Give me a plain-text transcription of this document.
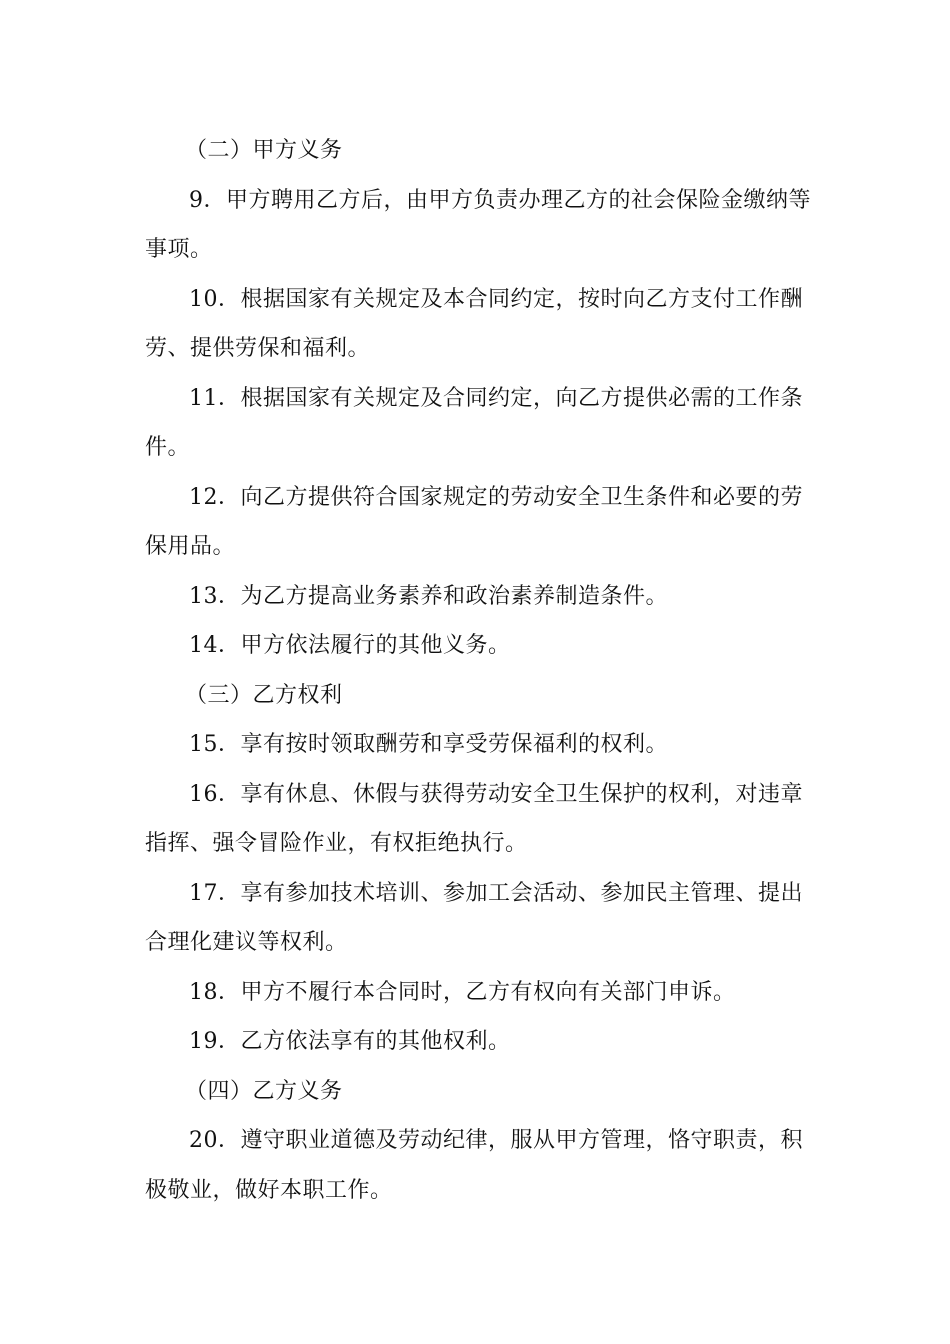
（二）甲方义务
9．甲方聘用乙方后，由甲方负责办理乙方的社会保险金缴纳等
事项。
10．根据国家有关规定及本合同约定，按时向乙方支付工作酬
劳、提供劳保和福利。
11．根据国家有关规定及合同约定，向乙方提供必需的工作条
件。
12．向乙方提供符合国家规定的劳动安全卫生条件和必要的劳
保用品。
13．为乙方提高业务素养和政治素养制造条件。
14．甲方依法履行的其他义务。
（三）乙方权利
15．享有按时领取酬劳和享受劳保福利的权利。
16．享有休息、休假与获得劳动安全卫生保护的权利，对违章
指挥、强令冒险作业，有权拒绝执行。
17．享有参加技术培训、参加工会活动、参加民主管理、提出
合理化建议等权利。
18．甲方不履行本合同时，乙方有权向有关部门申诉。
19．乙方依法享有的其他权利。
（四）乙方义务
20．遵守职业道德及劳动纪律，服从甲方管理，恪守职责，积
极敬业，做好本职工作。
